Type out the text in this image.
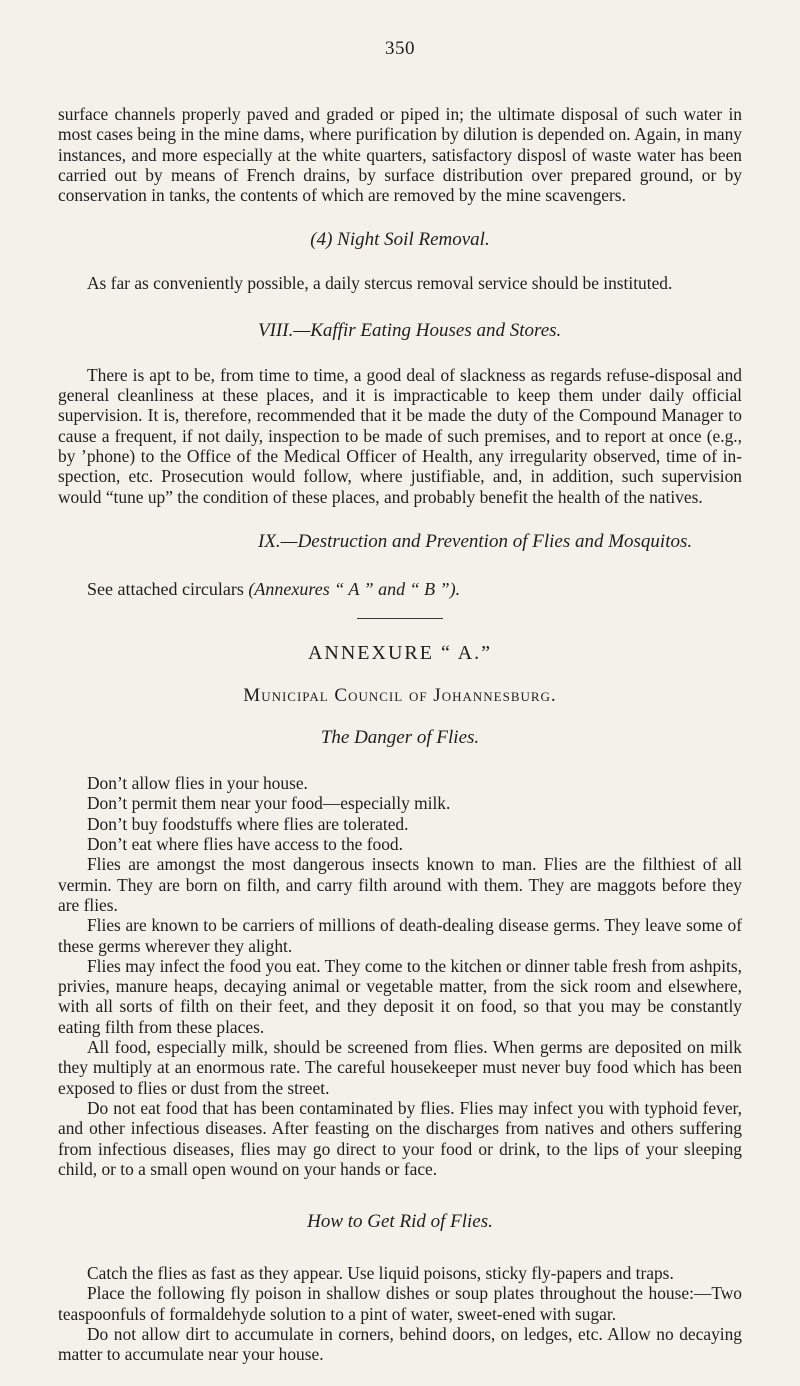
350

surface channels properly paved and graded or piped in; the ultimate disposal of such water in most cases being in the mine dams, where purification by dilution is depended on. Again, in many instances, and more especially at the white quarters, satisfactory disposl of waste water has been carried out by means of French drains, by surface distribution over prepared ground, or by conservation in tanks, the contents of which are removed by the mine scavengers.

(4) Night Soil Removal.

As far as conveniently possible, a daily stercus removal service should be instituted.

VIII.—Kaffir Eating Houses and Stores.

There is apt to be, from time to time, a good deal of slackness as regards refuse-disposal and general cleanliness at these places, and it is impracticable to keep them under daily official supervision. It is, therefore, recommended that it be made the duty of the Compound Manager to cause a frequent, if not daily, inspection to be made of such premises, and to report at once (e.g., by ’phone) to the Office of the Medical Officer of Health, any irregularity observed, time of in-spection, etc. Prosecution would follow, where justifiable, and, in addition, such supervision would “tune up” the condition of these places, and probably benefit the health of the natives.

IX.—Destruction and Prevention of Flies and Mosquitos.

See attached circulars (Annexures “ A ” and “ B ”).

ANNEXURE “ A.”
Municipal Council of Johannesburg.
The Danger of Flies.

Don’t allow flies in your house.

Don’t permit them near your food—especially milk.

Don’t buy foodstuffs where flies are tolerated.

Don’t eat where flies have access to the food.

Flies are amongst the most dangerous insects known to man. Flies are the filthiest of all vermin. They are born on filth, and carry filth around with them. They are maggots before they are flies.

Flies are known to be carriers of millions of death-dealing disease germs. They leave some of these germs wherever they alight.

Flies may infect the food you eat. They come to the kitchen or dinner table fresh from ashpits, privies, manure heaps, decaying animal or vegetable matter, from the sick room and elsewhere, with all sorts of filth on their feet, and they deposit it on food, so that you may be constantly eating filth from these places.

All food, especially milk, should be screened from flies. When germs are deposited on milk they multiply at an enormous rate. The careful housekeeper must never buy food which has been exposed to flies or dust from the street.

Do not eat food that has been contaminated by flies. Flies may infect you with typhoid fever, and other infectious diseases. After feasting on the discharges from natives and others suffering from infectious diseases, flies may go direct to your food or drink, to the lips of your sleeping child, or to a small open wound on your hands or face.

How to Get Rid of Flies.

Catch the flies as fast as they appear. Use liquid poisons, sticky fly-papers and traps.

Place the following fly poison in shallow dishes or soup plates throughout the house:—Two teaspoonfuls of formaldehyde solution to a pint of water, sweet-ened with sugar.

Do not allow dirt to accumulate in corners, behind doors, on ledges, etc. Allow no decaying matter to accumulate near your house.
